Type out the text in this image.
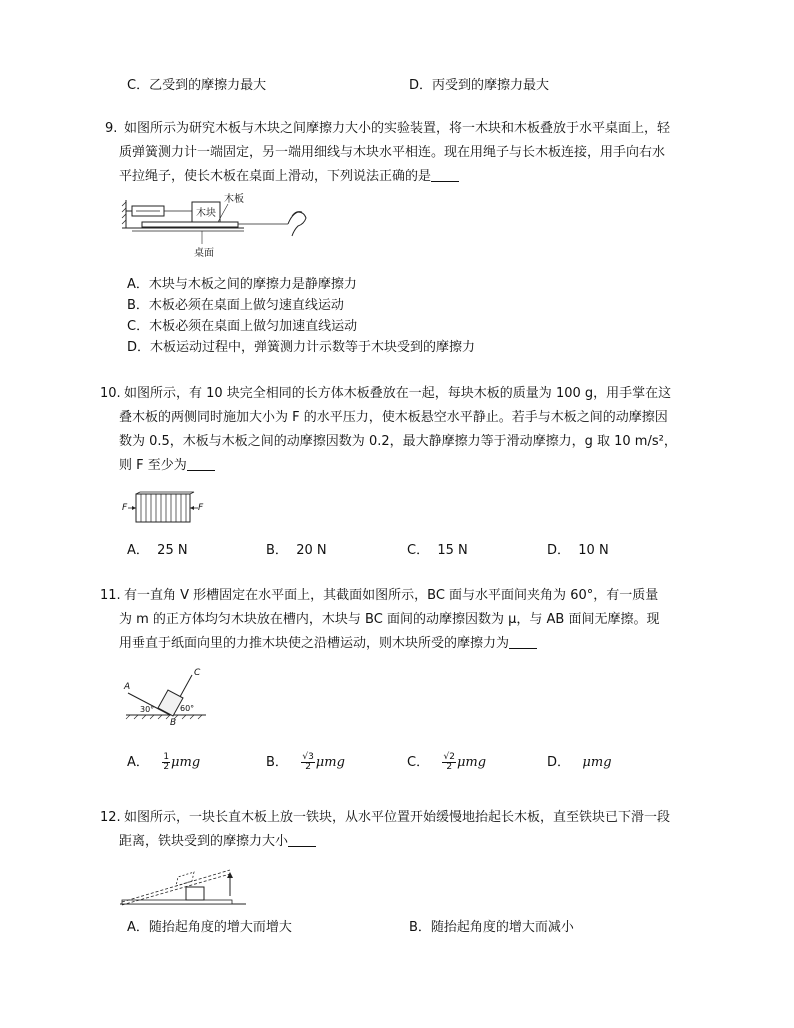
C．乙受到的摩擦力最大	D．丙受到的摩擦力最大
9. 如图所示为研究木板与木块之间摩擦力大小的实验装置，将一木块和木板叠放于水平桌面上，轻
质弹簧测力计一端固定，另一端用细线与木块水平相连。现在用绳子与长木板连接，用手向右水
平拉绳子，使长木板在桌面上滑动，下列说法正确的是
木块
木板
桌面
A．木块与木板之间的摩擦力是静摩擦力
B．木板必须在桌面上做匀速直线运动
C．木板必须在桌面上做匀加速直线运动
D．木板运动过程中，弹簧测力计示数等于木块受到的摩擦力
10. 如图所示，有 10 块完全相同的长方体木板叠放在一起，每块木板的质量为 100 g，用手掌在这
叠木板的两侧同时施加大小为 F 的水平压力，使木板悬空水平静止。若手与木板之间的动摩擦因
数为 0.5，木板与木板之间的动摩擦因数为 0.2，最大静摩擦力等于滑动摩擦力，g 取 10 m/s²，
则 F 至少为
F	F
A． 25 N	B． 20 N	C． 15 N	D． 10 N
11. 有一直角 V 形槽固定在水平面上，其截面如图所示，BC 面与水平面间夹角为 60°，有一质量
为 m 的正方体均匀木块放在槽内，木块与 BC 面间的动摩擦因数为 μ，与 AB 面间无摩擦。现
用垂直于纸面向里的力推木块使之沿槽运动，则木块所受的摩擦力为
A
B
C
30°	60°
A． $\frac{1}{2}$ μmg	B． $\frac{√3}{2}$ μmg	C． $\frac{√2}{2}$ μmg	D． μmg
12. 如图所示，一块长直木板上放一铁块，从水平位置开始缓慢地抬起长木板，直至铁块已下滑一段
距离，铁块受到的摩擦力大小
A．随抬起角度的增大而增大	B．随抬起角度的增大而减小
